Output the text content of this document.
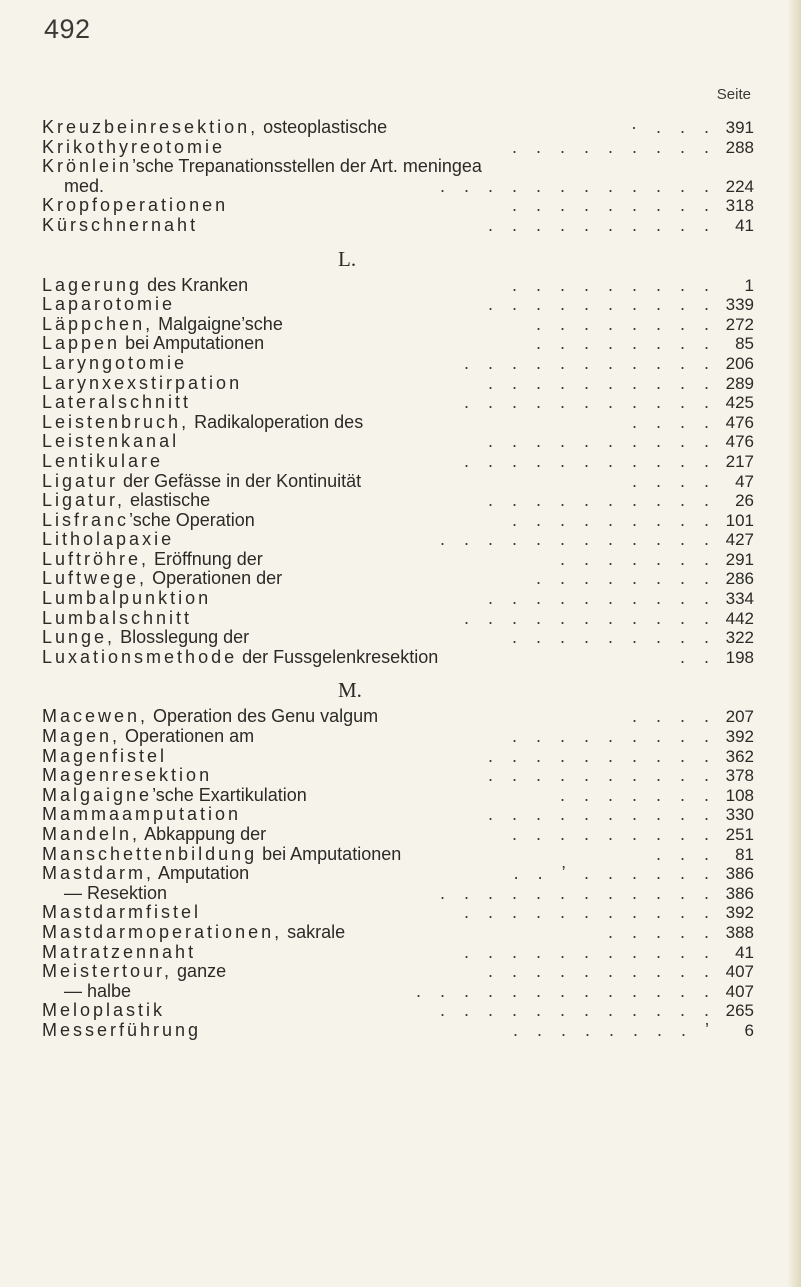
492
Seite
Kreuzbeinresektion, osteoplastische	· . . . 391
Krikothyreotomie	. . . . . . . . . 288
Krönlein’sche Trepanationsstellen der Art. meningea
med.	. . . . . . . . . . . . 224
Kropfoperationen	. . . . . . . . . 318
Kürschnernaht	. . . . . . . . . .	41
L.
Lagerung des Kranken	. . . . . . . . .	1
Laparotomie	. . . . . . . . . . 339
Läppchen, Malgaigne’sche	. . . . . . . . 272
Lappen bei Amputationen	. . . . . . . .	85
Laryngotomie	. . . . . . . . . . . 206
Larynxexstirpation	. . . . . . . . . . 289
Lateralschnitt	. . . . . . . . . . . 425
Leistenbruch, Radikaloperation des	. . . . 476
Leistenkanal	. . . . . . . . . . 476
Lentikulare	. . . . . . . . . . . 217
Ligatur der Gefässe in der Kontinuität	. . . .	47
Ligatur, elastische	. . . . . . . . . .	26
Lisfranc’sche Operation	. . . . . . . . . 101
Litholapaxie	. . . . . . . . . . . . 427
Luftröhre, Eröffnung der	. . . . . . . 291
Luftwege, Operationen der	. . . . . . . . 286
Lumbalpunktion	. . . . . . . . . . 334
Lumbalschnitt	. . . . . . . . . . . 442
Lunge, Blosslegung der	. . . . . . . . . 322
Luxationsmethode der Fussgelenkresektion	. . 198
M.
Macewen, Operation des Genu valgum	. . . . 207
Magen, Operationen am	. . . . . . . . . 392
Magenfistel	. . . . . . . . . . 362
Magenresektion	. . . . . . . . . . 378
Malgaigne’sche Exartikulation	. . . . . . . 108
Mammaamputation	. . . . . . . . . . 330
Mandeln, Abkappung der	. . . . . . . . . 251
Manschettenbildung bei Amputationen	. . .	81
Mastdarm, Amputation	. . ’ . . . . . . 386
— Resektion	. . . . . . . . . . . . 386
Mastdarmfistel	. . . . . . . . . . . 392
Mastdarmoperationen, sakrale	. . . . . 388
Matratzennaht	. . . . . . . . . . .	41
Meistertour, ganze	. . . . . . . . . . 407
— halbe	. . . . . . . . . . . . . 407
Meloplastik	. . . . . . . . . . . . 265
Messerführung	. . . . . . . . ’	6
